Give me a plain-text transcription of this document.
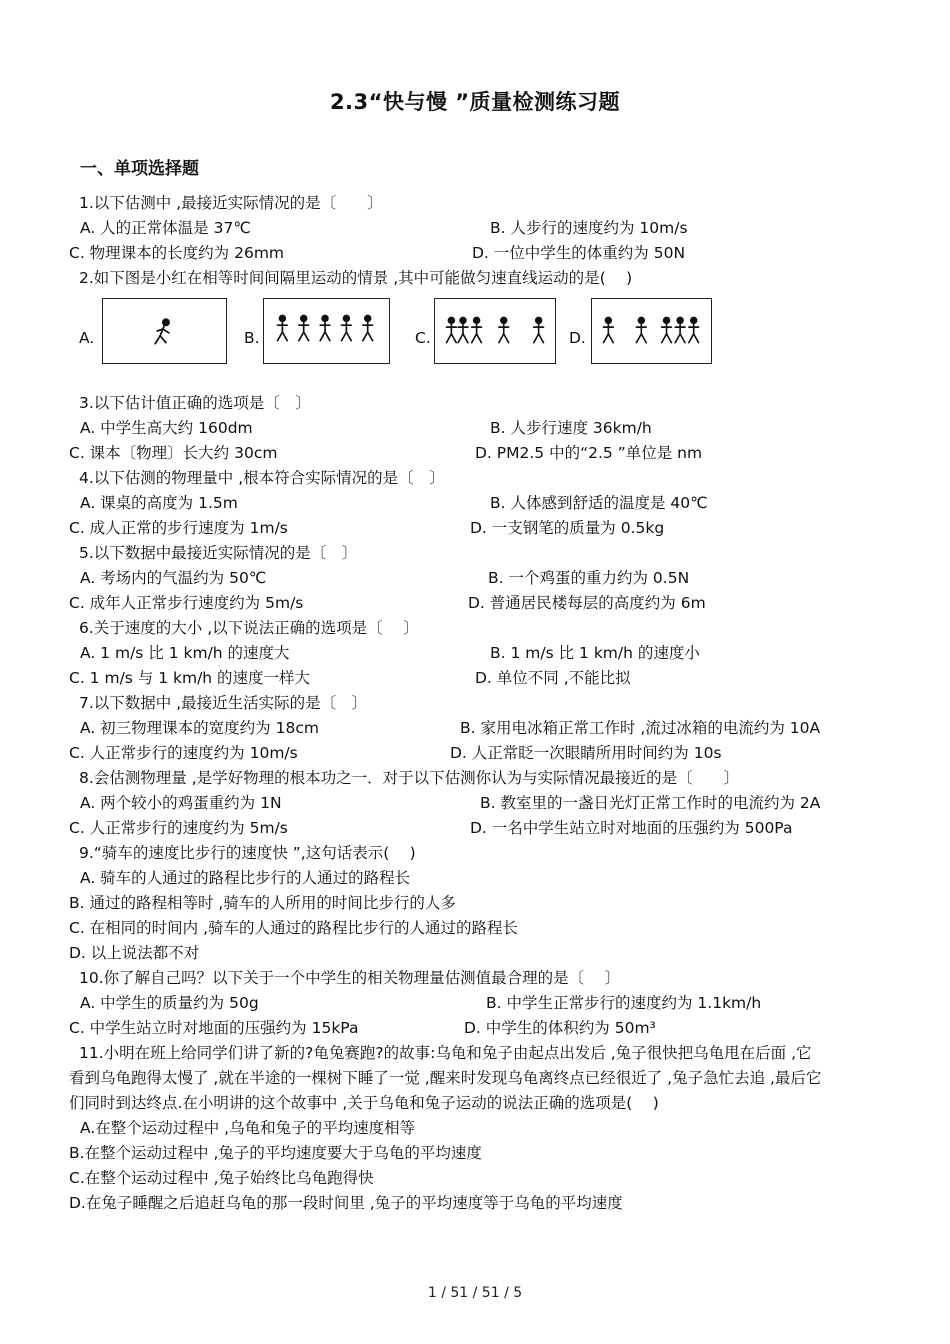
2.3“快与慢 ”质量检测练习题
一、单项选择题
1.以下估测中 ,最接近实际情况的是〔　　〕
A. 人的正常体温是 37℃	B. 人步行的速度约为 10m/s
C. 物理课本的长度约为 26mm	D. 一位中学生的体重约为 50N
2.如下图是小红在相等时间间隔里运动的情景 ,其中可能做匀速直线运动的是(　 )
A.	B.	C.	D.
3.以下估计值正确的选项是〔　〕
A. 中学生高大约 160dm	B. 人步行速度 36km/h
C. 课本〔物理〕长大约 30cm	D. PM2.5 中的“2.5 ”单位是 nm
4.以下估测的物理量中 ,根本符合实际情况的是〔　〕
A. 课桌的高度为 1.5m	B. 人体感到舒适的温度是 40℃
C. 成人正常的步行速度为 1m/s	D. 一支钢笔的质量为 0.5kg
5.以下数据中最接近实际情况的是〔　〕
A. 考场内的气温约为 50℃	B. 一个鸡蛋的重力约为 0.5N
C. 成年人正常步行速度约为 5m/s	D. 普通居民楼每层的高度约为 6m
6.关于速度的大小 ,以下说法正确的选项是〔　 〕
A. 1 m/s 比 1 km/h 的速度大	B. 1 m/s 比 1 km/h 的速度小
C. 1 m/s 与 1 km/h 的速度一样大	D. 单位不同 ,不能比拟
7.以下数据中 ,最接近生活实际的是〔　〕
A. 初三物理课本的宽度约为 18cm	B. 家用电冰箱正常工作时 ,流过冰箱的电流约为 10A
C. 人正常步行的速度约为 10m/s	D. 人正常眨一次眼睛所用时间约为 10s
8.会估测物理量 ,是学好物理的根本功之一．对于以下估测你认为与实际情况最接近的是〔　　〕
A. 两个较小的鸡蛋重约为 1N	B. 教室里的一盏日光灯正常工作时的电流约为 2A
C. 人正常步行的速度约为 5m/s	D. 一名中学生站立时对地面的压强约为 500Pa
9.“骑车的速度比步行的速度快 ”,这句话表示(　 )
A. 骑车的人通过的路程比步行的人通过的路程长
B. 通过的路程相等时 ,骑车的人所用的时间比步行的人多
C. 在相同的时间内 ,骑车的人通过的路程比步行的人通过的路程长
D. 以上说法都不对
10.你了解自己吗？以下关于一个中学生的相关物理量估测值最合理的是〔　 〕
A. 中学生的质量约为 50g	B. 中学生正常步行的速度约为 1.1km/h
C. 中学生站立时对地面的压强约为 15kPa	D. 中学生的体积约为 50m³
11.小明在班上给同学们讲了新的?龟兔赛跑?的故事:乌龟和兔子由起点出发后 ,兔子很快把乌龟甩在后面 ,它
看到乌龟跑得太慢了 ,就在半途的一棵树下睡了一觉 ,醒来时发现乌龟离终点已经很近了 ,兔子急忙去追 ,最后它
们同时到达终点.在小明讲的这个故事中 ,关于乌龟和兔子运动的说法正确的选项是(　 )
A.在整个运动过程中 ,乌龟和兔子的平均速度相等
B.在整个运动过程中 ,兔子的平均速度要大于乌龟的平均速度
C.在整个运动过程中 ,兔子始终比乌龟跑得快
D.在兔子睡醒之后追赶乌龟的那一段时间里 ,兔子的平均速度等于乌龟的平均速度
1 / 51 / 51 / 5
